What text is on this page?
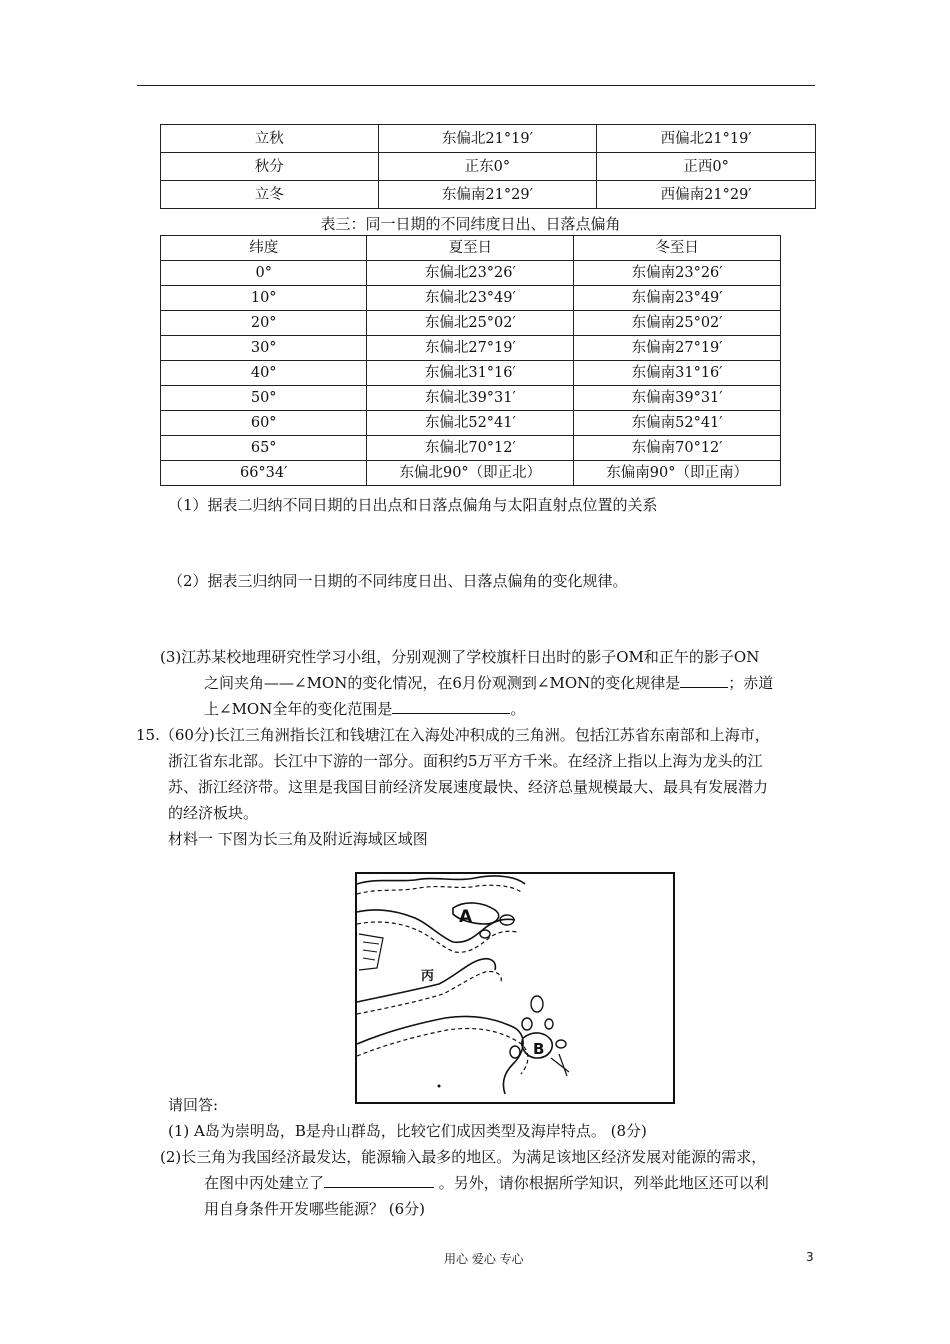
立秋	东偏北21°19′	西偏北21°19′
秋分	正东0°	正西0°
立冬	东偏南21°29′	西偏南21°29′
表三：同一日期的不同纬度日出、日落点偏角
纬度	夏至日	冬至日
0°	东偏北23°26′	东偏南23°26′
10°	东偏北23°49′	东偏南23°49′
20°	东偏北25°02′	东偏南25°02′
30°	东偏北27°19′	东偏南27°19′
40°	东偏北31°16′	东偏南31°16′
50°	东偏北39°31′	东偏南39°31′
60°	东偏北52°41′	东偏南52°41′
65°	东偏北70°12′	东偏南70°12′
66°34′	东偏北90°（即正北）	东偏南90°（即正南）
（1）据表二归纳不同日期的日出点和日落点偏角与太阳直射点位置的关系
（2）据表三归纳同一日期的不同纬度日出、日落点偏角的变化规律。
(3)江苏某校地理研究性学习小组，分别观测了学校旗杆日出时的影子OM和正午的影子ON
之间夹角——∠MON的变化情况，在6月份观测到∠MON的变化规律是	；赤道
上∠MON全年的变化范围是	。
15.（60分)长江三角洲指长江和钱塘江在入海处冲积成的三角洲。包括江苏省东南部和上海市，
浙江省东北部。长江中下游的一部分。面积约5万平方千米。在经济上指以上海为龙头的江
苏、浙江经济带。这里是我国目前经济发展速度最快、经济总量规模最大、最具有发展潜力
的经济板块。
材料一 下图为长三角及附近海域区域图
A
丙
B
请回答:
(1) A岛为崇明岛，B是舟山群岛，比较它们成因类型及海岸特点。 (8分)
(2)长三角为我国经济最发达，能源输入最多的地区。为满足该地区经济发展对能源的需求，
在图中丙处建立了	。另外，请你根据所学知识，列举此地区还可以利
用自身条件开发哪些能源？ (6分)
用心 爱心 专心	3
